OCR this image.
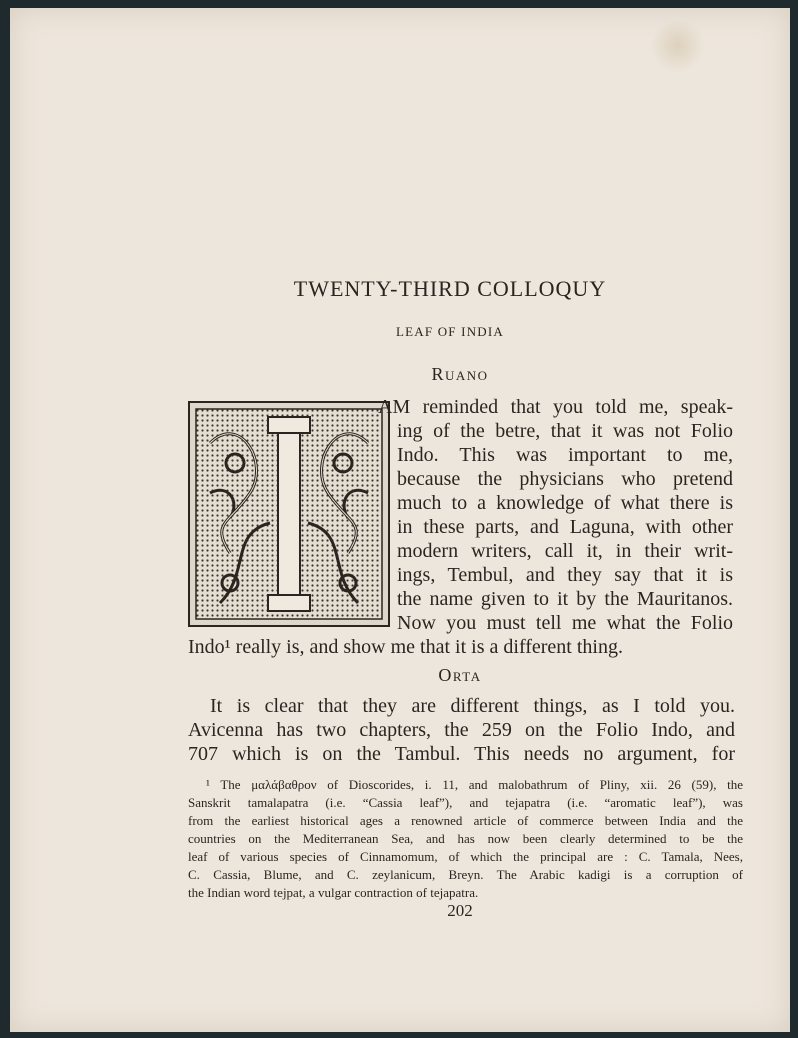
TWENTY-THIRD COLLOQUY
LEAF OF INDIA
Ruano
AM reminded that you told me, speak-
ing of the betre, that it was not Folio
Indo. This was important to me,
because the physicians who pretend
much to a knowledge of what there is
in these parts, and Laguna, with other
modern writers, call it, in their writ-
ings, Tembul, and they say that it is
the name given to it by the Mauritanos.
Now you must tell me what the Folio
Indo¹ really is, and show me that it is a different thing.
Orta
It is clear that they are different things, as I told you.
Avicenna has two chapters, the 259 on the Folio Indo, and
707 which is on the Tambul. This needs no argument, for
¹ The μαλάβαθρον of Dioscorides, i. 11, and malobathrum of Pliny, xii. 26 (59), the
Sanskrit tamalapatra (i.e. “Cassia leaf”), and tejapatra (i.e. “aromatic leaf”), was
from the earliest historical ages a renowned article of commerce between India and the
countries on the Mediterranean Sea, and has now been clearly determined to be the
leaf of various species of Cinnamomum, of which the principal are : C. Tamala, Nees,
C. Cassia, Blume, and C. zeylanicum, Breyn. The Arabic kadigi is a corruption of
the Indian word tejpat, a vulgar contraction of tejapatra.
202
